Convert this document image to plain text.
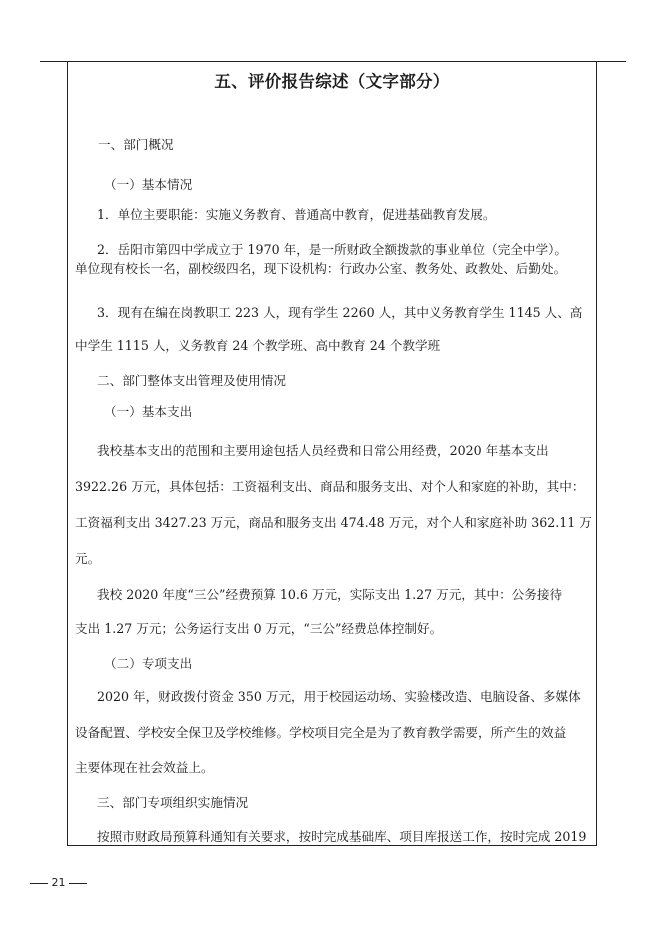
五、评价报告综述（文字部分）
一、部门概况
（一）基本情况
1．单位主要职能：实施义务教育、普通高中教育，促进基础教育发展。
2．岳阳市第四中学成立于 1970 年，是一所财政全额拨款的事业单位（完全中学）。
单位现有校长一名，副校级四名，现下设机构：行政办公室、教务处、政教处、后勤处。
3．现有在编在岗教职工 223 人，现有学生 2260 人，其中义务教育学生 1145 人、高
中学生 1115 人，义务教育 24 个教学班、高中教育 24 个教学班
二、部门整体支出管理及使用情况
（一）基本支出
我校基本支出的范围和主要用途包括人员经费和日常公用经费，2020 年基本支出
3922.26 万元，具体包括：工资福利支出、商品和服务支出、对个人和家庭的补助，其中：
工资福利支出 3427.23 万元，商品和服务支出 474.48 万元，对个人和家庭补助 362.11 万
元。
我校 2020 年度“三公”经费预算 10.6 万元，实际支出 1.27 万元，其中：公务接待
支出 1.27 万元；公务运行支出 0 万元，“三公”经费总体控制好。
（二）专项支出
2020 年，财政拨付资金 350 万元，用于校园运动场、实验楼改造、电脑设备、多媒体
设备配置、学校安全保卫及学校维修。学校项目完全是为了教育教学需要，所产生的效益
主要体现在社会效益上。
三、部门专项组织实施情况
按照市财政局预算科通知有关要求，按时完成基础库、项目库报送工作，按时完成 2019
21
